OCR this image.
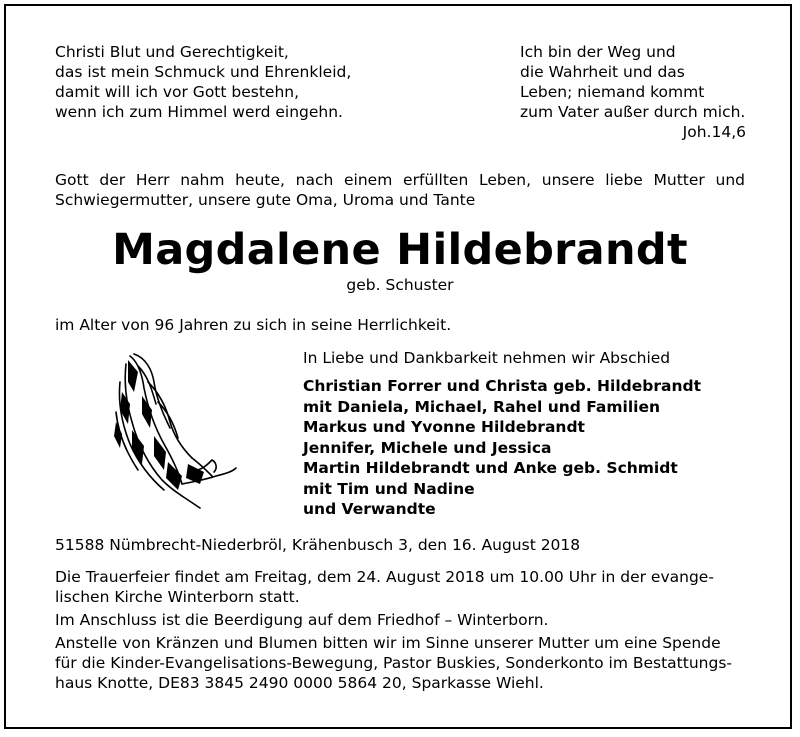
Christi Blut und Gerechtigkeit,
das ist mein Schmuck und Ehrenkleid,
damit will ich vor Gott bestehn,
wenn ich zum Himmel werd eingehn.
Ich bin der Weg und
die Wahrheit und das
Leben; niemand kommt
zum Vater außer durch mich.
Joh.14,6
Gott der Herr nahm heute, nach einem erfüllten Leben, unsere liebe Mutter und
Schwiegermutter, unsere gute Oma, Uroma und Tante
Magdalene Hildebrandt
geb. Schuster
im Alter von 96 Jahren zu sich in seine Herrlichkeit.
In Liebe und Dankbarkeit nehmen wir Abschied
Christian Forrer und Christa geb. Hildebrandt
mit Daniela, Michael, Rahel und Familien
Markus und Yvonne Hildebrandt
Jennifer, Michele und Jessica
Martin Hildebrandt und Anke geb. Schmidt
mit Tim und Nadine
und Verwandte
51588 Nümbrecht-Niederbröl, Krähenbusch 3, den 16. August 2018
Die Trauerfeier findet am Freitag, dem 24. August 2018 um 10.00 Uhr in der evange-
lischen Kirche Winterborn statt.
Im Anschluss ist die Beerdigung auf dem Friedhof – Winterborn.
Anstelle von Kränzen und Blumen bitten wir im Sinne unserer Mutter um eine Spende
für die Kinder-Evangelisations-Bewegung, Pastor Buskies, Sonderkonto im Bestattungs-
haus Knotte, DE83 3845 2490 0000 5864 20, Sparkasse Wiehl.
